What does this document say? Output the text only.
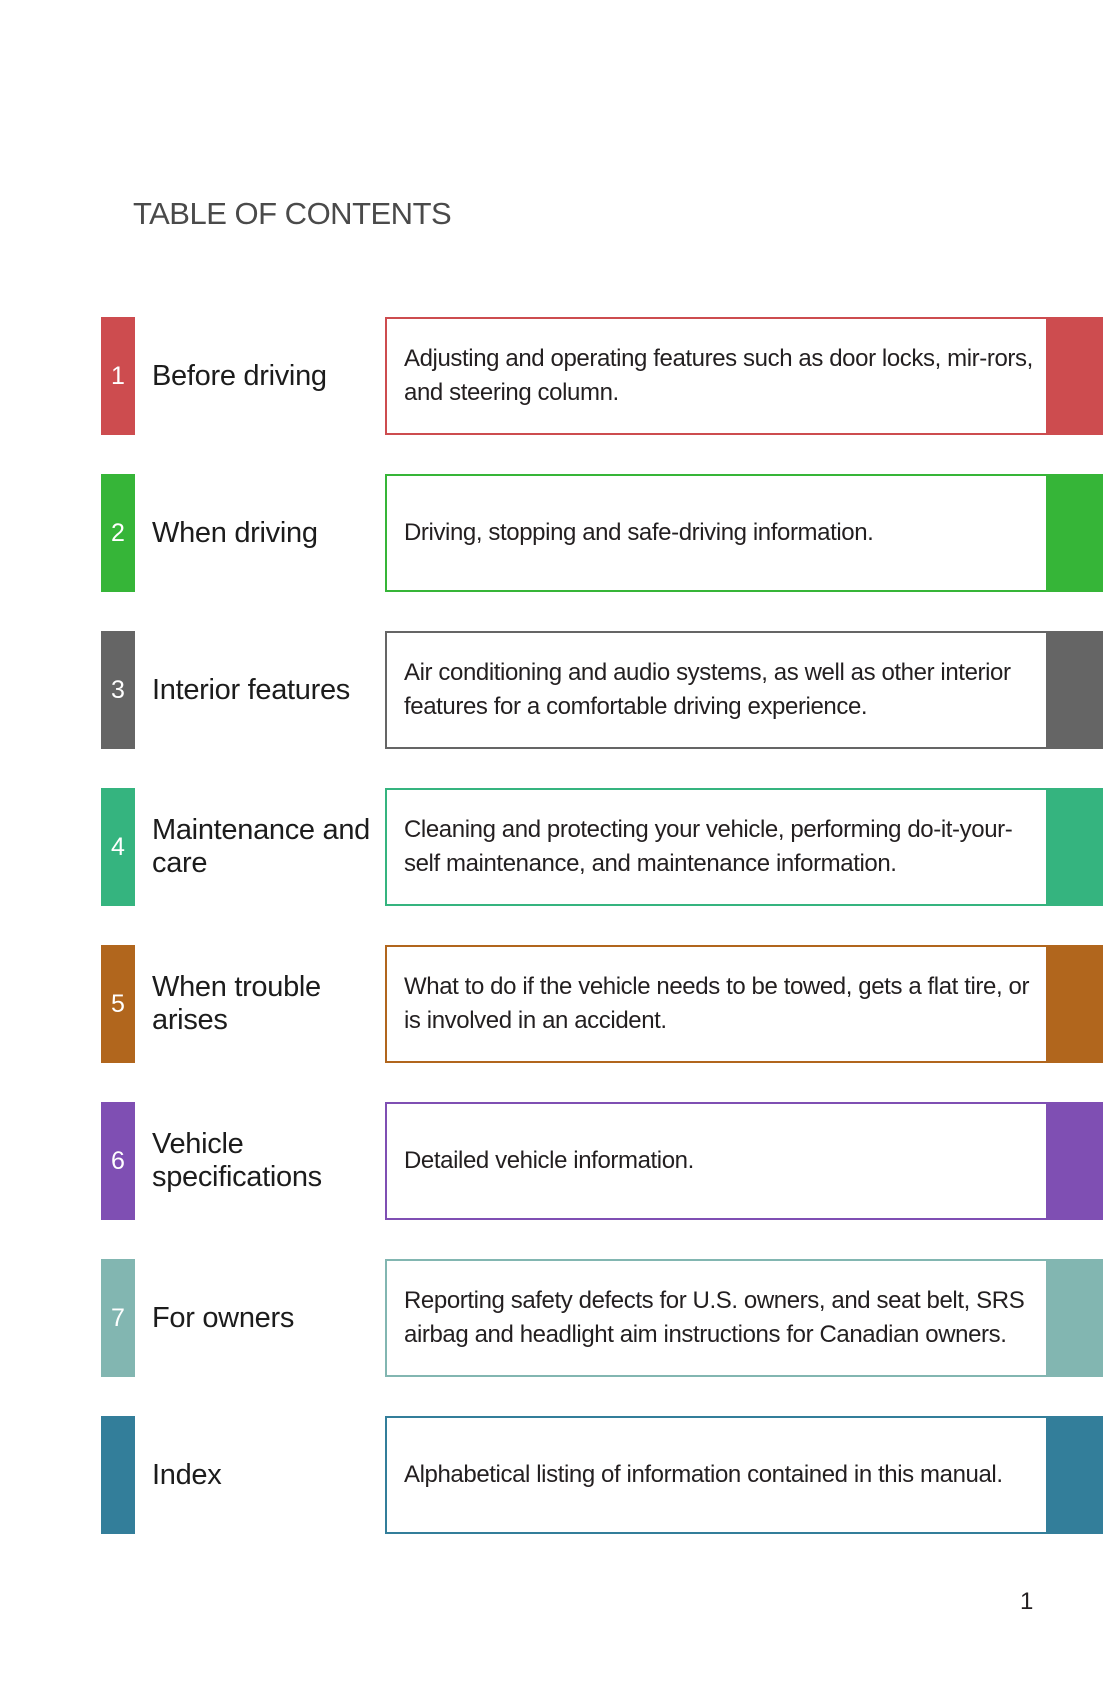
TABLE OF CONTENTS
1 Before driving
Adjusting and operating features such as door locks, mir-rors, and steering column.
2 When driving	Driving, stopping and safe-driving information.
3 Interior features
Air conditioning and audio systems, as well as other interior features for a comfortable driving experience.
4
Maintenance and care
Cleaning and protecting your vehicle, performing do-it-your-self maintenance, and maintenance information.
5
When trouble arises
What to do if the vehicle needs to be towed, gets a flat tire, or is involved in an accident.
6
Vehicle specifications
Detailed vehicle information.
7 For owners
Reporting safety defects for U.S. owners, and seat belt, SRS airbag and headlight aim instructions for Canadian owners.
Index	Alphabetical listing of information contained in this manual.
1
